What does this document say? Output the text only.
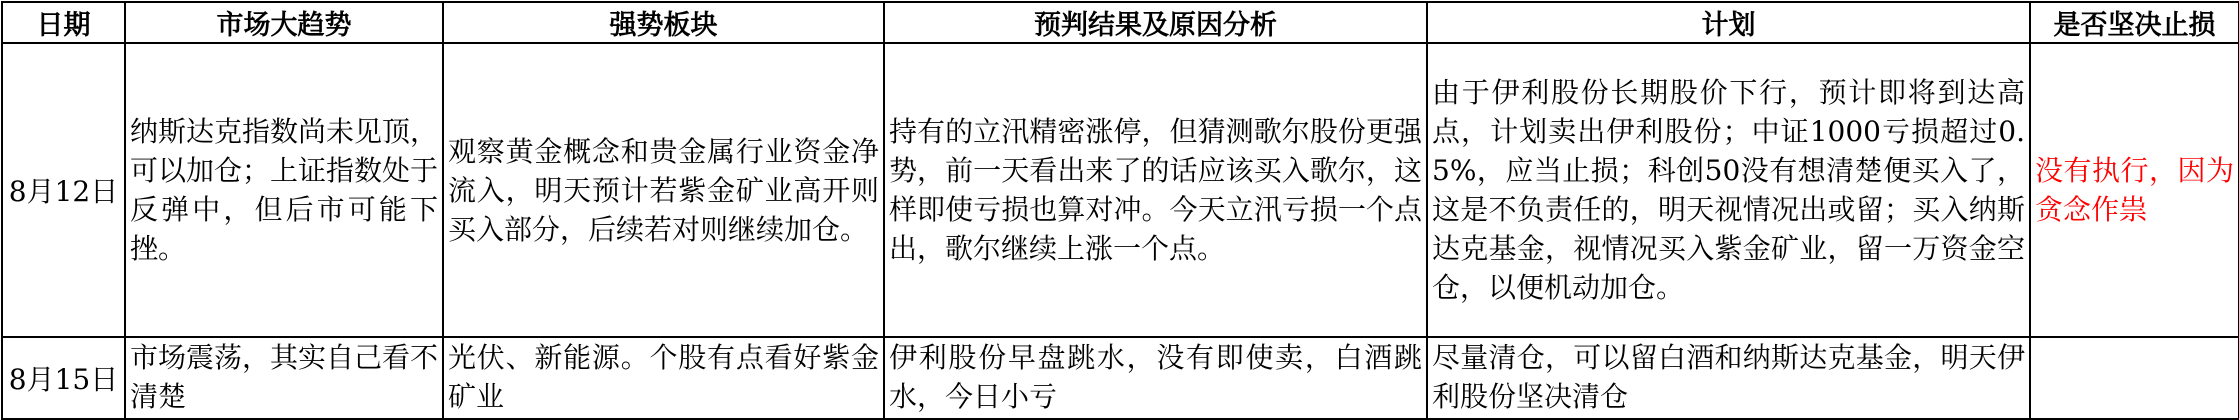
日期	市场大趋势	强势板块	预判结果及原因分析	计划	是否坚决止损
8月12日	纳斯达克指数尚未见顶，可以加仓；上证指数处于反弹中，但后市可能下挫。	观察黄金概念和贵金属行业资金净流入，明天预计若紫金矿业高开则买入部分，后续若对则继续加仓。	持有的立汛精密涨停，但猜测歌尔股份更强势，前一天看出来了的话应该买入歌尔，这样即使亏损也算对冲。今天立汛亏损一个点出，歌尔继续上涨一个点。	由于伊利股份长期股价下行，预计即将到达高点，计划卖出伊利股份；中证1000亏损超过0.5%，应当止损；科创50没有想清楚便买入了，这是不负责任的，明天视情况出或留；买入纳斯达克基金，视情况买入紫金矿业，留一万资金空仓，以便机动加仓。	没有执行，因为贪念作祟
8月15日	市场震荡，其实自己看不清楚	光伏、新能源。个股有点看好紫金矿业	伊利股份早盘跳水，没有即使卖，白酒跳水，今日小亏	尽量清仓，可以留白酒和纳斯达克基金，明天伊利股份坚决清仓	
